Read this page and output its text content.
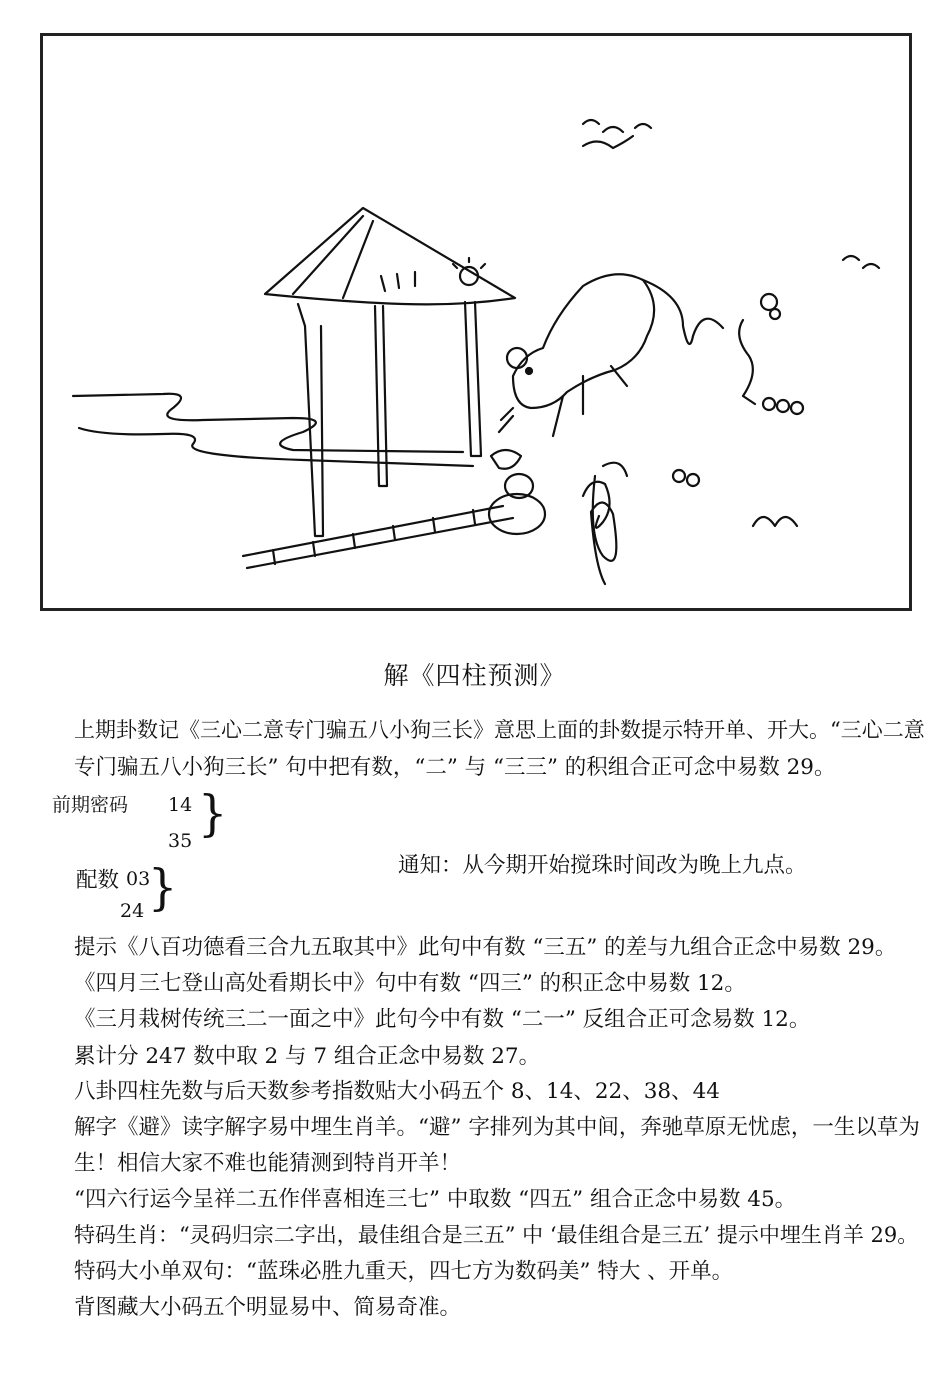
解《四柱预测》
上期卦数记《三心二意专门骗五八小狗三长》意思上面的卦数提示特开单、开大。“三心二意
专门骗五八小狗三长” 句中把有数，“二” 与 “三三” 的积组合正可念中易数 29。
前期密码 14
35 }
配数 03
24 }	通知：从今期开始搅珠时间改为晚上九点。
提示《八百功德看三合九五取其中》此句中有数 “三五” 的差与九组合正念中易数 29。
《四月三七登山高处看期长中》句中有数 “四三” 的积正念中易数 12。
《三月栽树传统三二一面之中》此句今中有数 “二一” 反组合正可念易数 12。
累计分 247 数中取 2 与 7 组合正念中易数 27。
八卦四柱先数与后天数参考指数贴大小码五个 8、14、22、38、44
解字《避》读字解字易中埋生肖羊。“避” 字排列为其中间，奔驰草原无忧虑，一生以草为
生！相信大家不难也能猜测到特肖开羊！
“四六行运今呈祥二五作伴喜相连三七” 中取数 “四五” 组合正念中易数 45。
特码生肖：“灵码归宗二字出，最佳组合是三五” 中 ‘最佳组合是三五’ 提示中埋生肖羊 29。
特码大小单双句：“蓝珠必胜九重天，四七方为数码美” 特大 、开单。
背图藏大小码五个明显易中、简易奇准。
